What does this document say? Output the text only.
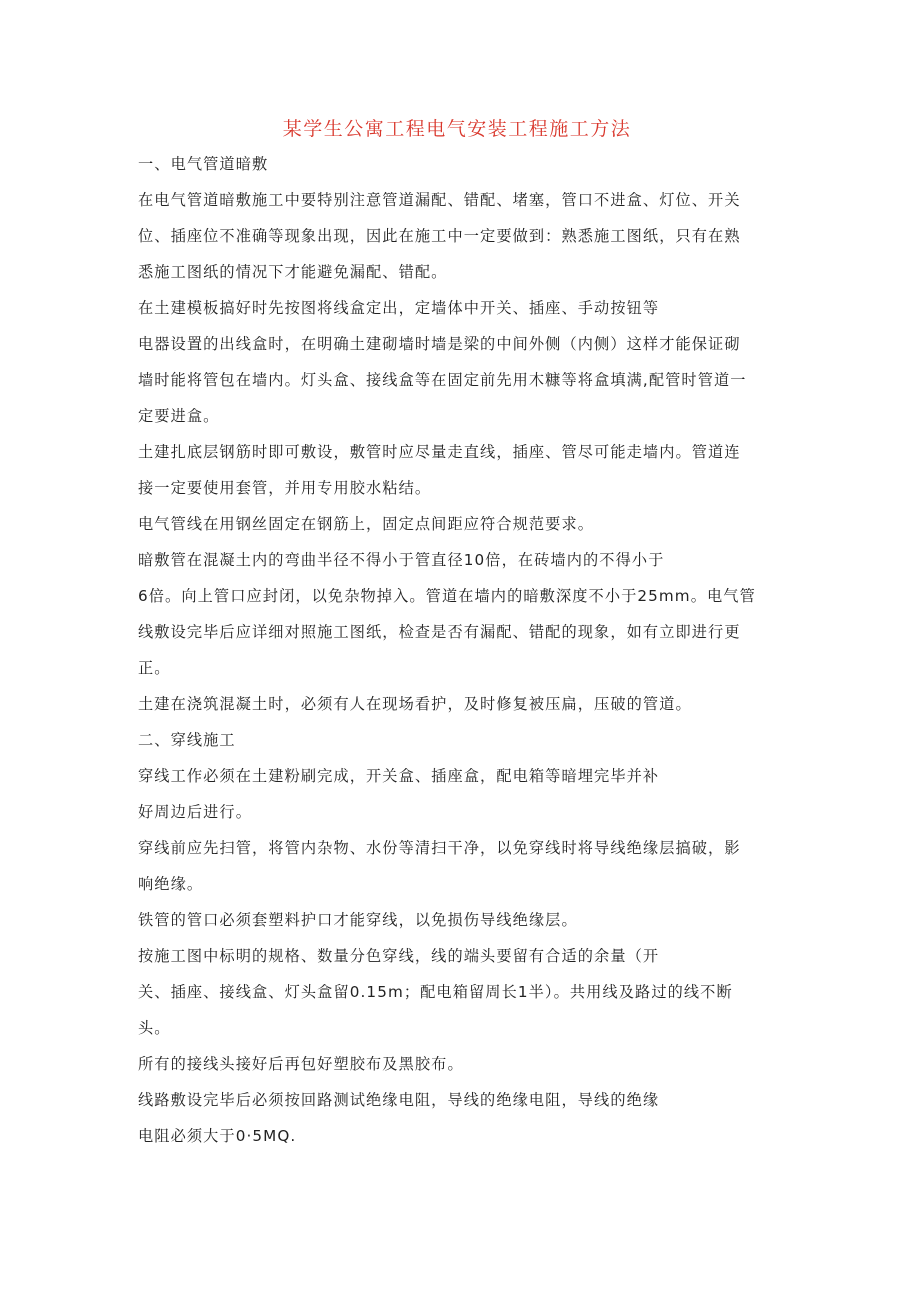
某学生公寓工程电气安装工程施工方法
一、电气管道暗敷
在电气管道暗敷施工中要特别注意管道漏配、错配、堵塞，管口不进盒、灯位、开关
位、插座位不准确等现象出现，因此在施工中一定要做到：熟悉施工图纸，只有在熟
悉施工图纸的情况下才能避免漏配、错配。
在土建模板搞好时先按图将线盒定出，定墙体中开关、插座、手动按钮等
电器设置的出线盒时，在明确土建砌墙时墙是梁的中间外侧（内侧）这样才能保证砌
墙时能将管包在墙内。灯头盒、接线盒等在固定前先用木糠等将盒填满,配管时管道一
定要进盒。
土建扎底层钢筋时即可敷设，敷管时应尽量走直线，插座、管尽可能走墙内。管道连
接一定要使用套管，并用专用胶水粘结。
电气管线在用钢丝固定在钢筋上，固定点间距应符合规范要求。
暗敷管在混凝土内的弯曲半径不得小于管直径10倍，在砖墙内的不得小于
6倍。向上管口应封闭，以免杂物掉入。管道在墙内的暗敷深度不小于25mm。电气管
线敷设完毕后应详细对照施工图纸，检查是否有漏配、错配的现象，如有立即进行更
正。
土建在浇筑混凝土时，必须有人在现场看护，及时修复被压扁，压破的管道。
二、穿线施工
穿线工作必须在土建粉刷完成，开关盒、插座盒，配电箱等暗埋完毕并补
好周边后进行。
穿线前应先扫管，将管内杂物、水份等清扫干净，以免穿线时将导线绝缘层搞破，影
响绝缘。
铁管的管口必须套塑料护口才能穿线，以免损伤导线绝缘层。
按施工图中标明的规格、数量分色穿线，线的端头要留有合适的余量（开
关、插座、接线盒、灯头盒留0.15m；配电箱留周长1半）。共用线及路过的线不断
头。
所有的接线头接好后再包好塑胶布及黑胶布。
线路敷设完毕后必须按回路测试绝缘电阻，导线的绝缘电阻，导线的绝缘
电阻必须大于0·5MQ.
